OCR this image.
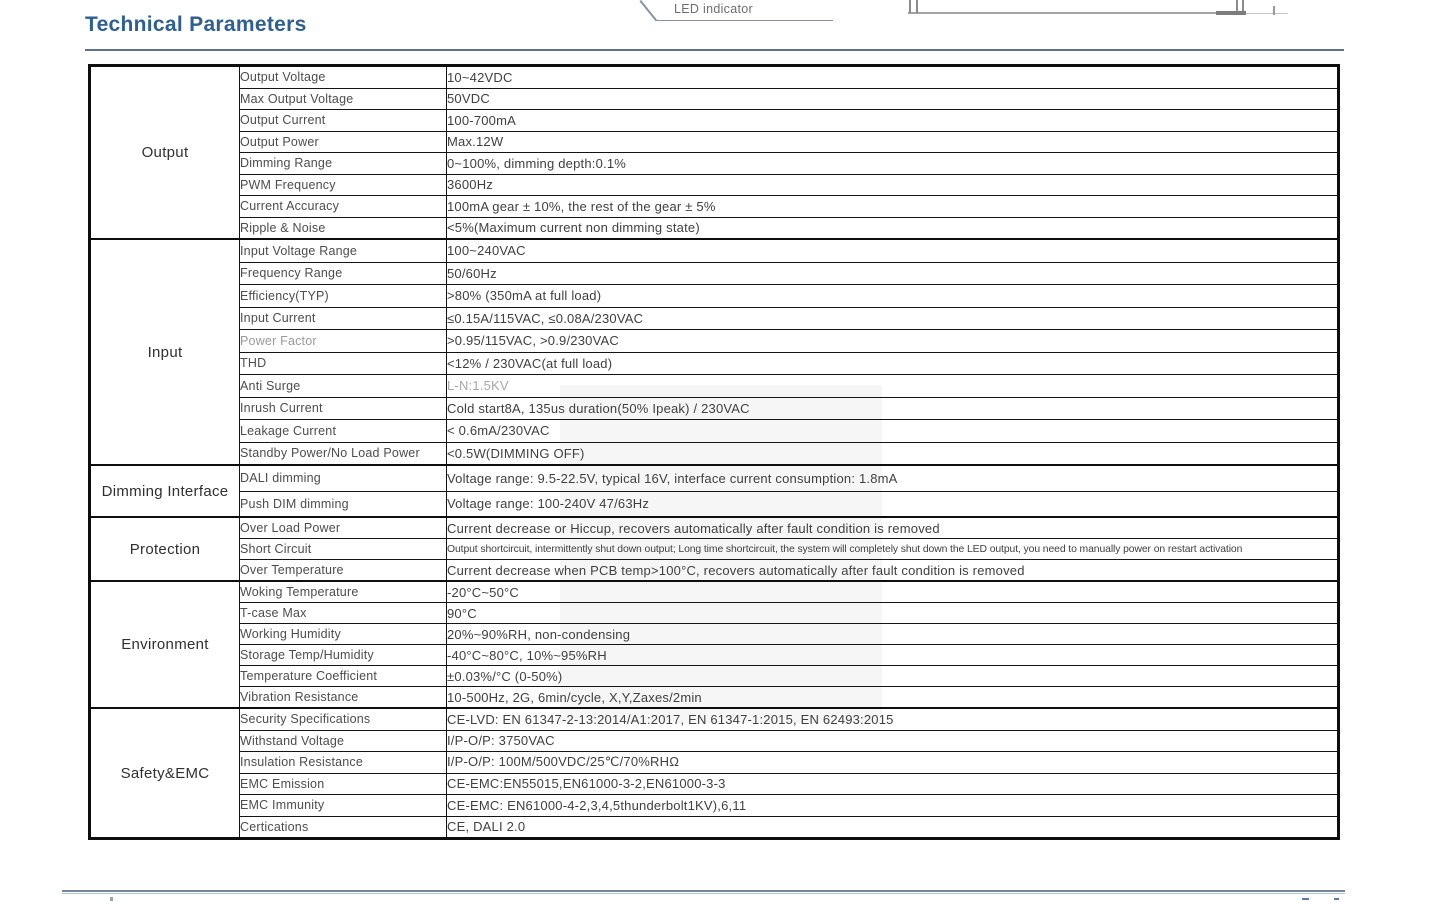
Technical Parameters
LED indicator
Output	Output Voltage	10~42VDC
	Max Output Voltage	50VDC
	Output Current	100-700mA
	Output Power	Max.12W
	Dimming Range	0~100%, dimming depth:0.1%
	PWM Frequency	3600Hz
	Current Accuracy	100mA gear ± 10%, the rest of the gear ± 5%
	Ripple & Noise	<5%(Maximum current non dimming state)
Input	Input Voltage Range	100~240VAC
	Frequency Range	50/60Hz
	Efficiency(TYP)	>80% (350mA at full load)
	Input Current	≤0.15A/115VAC, ≤0.08A/230VAC
	Power Factor	>0.95/115VAC, >0.9/230VAC
	THD	<12% / 230VAC(at full load)
	Anti Surge	L-N:1.5KV
	Inrush Current	Cold start8A, 135us duration(50% Ipeak) / 230VAC
	Leakage Current	< 0.6mA/230VAC
	Standby Power/No Load Power	<0.5W(DIMMING OFF)
Dimming Interface	DALI dimming	Voltage range: 9.5-22.5V, typical 16V, interface current consumption: 1.8mA
	Push DIM dimming	Voltage range: 100-240V 47/63Hz
Protection	Over Load Power	Current decrease or Hiccup, recovers automatically after fault condition is removed
	Short Circuit	Output shortcircuit, intermittently shut down output; Long time shortcircuit, the system will completely shut down the LED output, you need to manually power on restart activation
	Over Temperature	Current decrease when PCB temp>100°C, recovers automatically after fault condition is removed
Environment	Woking Temperature	-20°C~50°C
	T-case Max	90°C
	Working Humidity	20%~90%RH, non-condensing
	Storage Temp/Humidity	-40°C~80°C, 10%~95%RH
	Temperature Coefficient	±0.03%/°C (0-50%)
	Vibration Resistance	10-500Hz, 2G, 6min/cycle, X,Y,Zaxes/2min
Safety&EMC	Security Specifications	CE-LVD: EN 61347-2-13:2014/A1:2017, EN 61347-1:2015, EN 62493:2015
	Withstand Voltage	I/P-O/P: 3750VAC
	Insulation Resistance	I/P-O/P: 100M/500VDC/25℃/70%RHΩ
	EMC Emission	CE-EMC:EN55015,EN61000-3-2,EN61000-3-3
	EMC Immunity	CE-EMC: EN61000-4-2,3,4,5thunderbolt1KV),6,11
	Certications	CE, DALI 2.0
